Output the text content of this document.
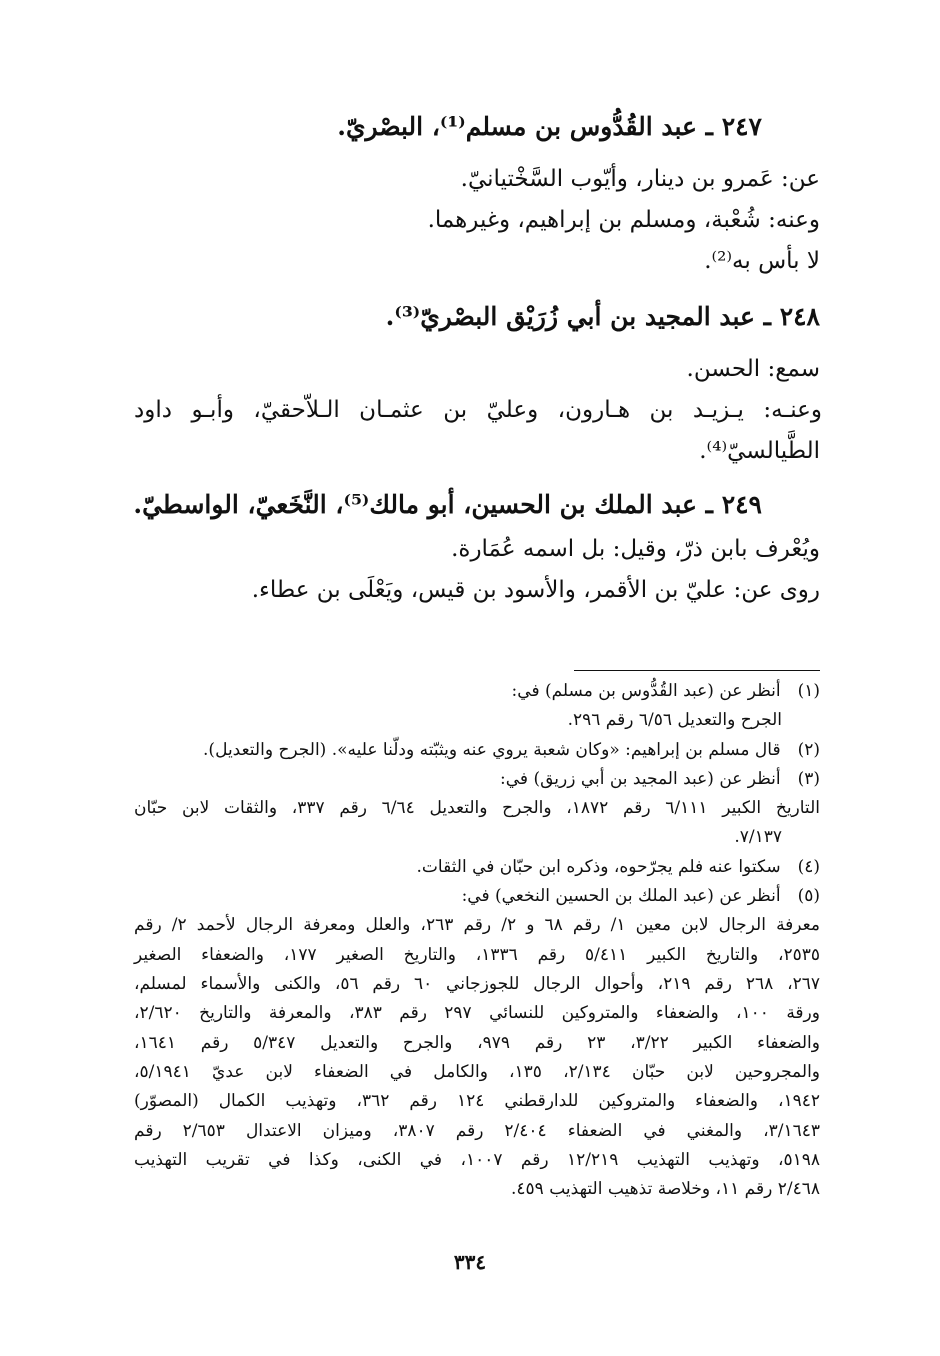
٢٤٧ ـ عبد القُدُّوس بن مسلم⁽¹⁾، البصْريّ.
عن: عَمرو بن دينار، وأيّوب السَّخْتيانيّ.
وعنه: شُعْبة، ومسلم بن إبراهيم، وغيرهما.
لا بأس به⁽²⁾.
٢٤٨ ـ عبد المجيد بن أبي زُرَيْق البصْريّ⁽³⁾.
سمع: الحسن.
وعنـه: يـزيـد بن هـارون، وعليّ بن عثمـان الـلاّحقيّ، وأبـو داود
الطَّيالسيّ⁽⁴⁾.
٢٤٩ ـ عبد الملك بن الحسين، أبو مالك⁽⁵⁾، النَّخَعيّ، الواسطيّ.
ويُعْرف بابن ذرّ، وقيل: بل اسمه عُمَارة.
روى عن: عليّ بن الأقمر، والأسود بن قيس، ويَعْلَى بن عطاء.
(١) أنظر عن (عبد القُدُّوس بن مسلم) في:
الجرح والتعديل ٦/٥٦ رقم ٢٩٦.
(٢) قال مسلم بن إبراهيم: «وكان شعبة يروي عنه ويثبّته ودلّنا عليه». (الجرح والتعديل).
(٣) أنظر عن (عبد المجيد بن أبي زريق) في:
التاريخ الكبير ٦/١١١ رقم ١٨٧٢، والجرح والتعديل ٦/٦٤ رقم ٣٣٧، والثقات لابن حبّان
٧/١٣٧.
(٤) سكتوا عنه فلم يجرّحوه، وذكره ابن حبّان في الثقات.
(٥) أنظر عن (عبد الملك بن الحسين النخعي) في:
معرفة الرجال لابن معين ١/ رقم ٦٨ و ٢/ رقم ٢٦٣، والعلل ومعرفة الرجال لأحمد ٢/ رقم
٢٥٣٥، والتاريخ الكبير ٥/٤١١ رقم ١٣٣٦، والتاريخ الصغير ١٧٧، والضعفاء الصغير
٢٦٧، ٢٦٨ رقم ٢١٩، وأحوال الرجال للجوزجاني ٦٠ رقم ٥٦، والكنى والأسماء لمسلم،
ورقة ١٠٠، والضعفاء والمتروكين للنسائي ٢٩٧ رقم ٣٨٣، والمعرفة والتاريخ ٢/٦٢٠،
والضعفاء الكبير ٣/٢٢، ٢٣ رقم ٩٧٩، والجرح والتعديل ٥/٣٤٧ رقم ١٦٤١،
والمجروحين لابن حبّان ٢/١٣٤، ١٣٥، والكامل في الضعفاء لابن عديّ ٥/١٩٤١،
١٩٤٢، والضعفاء والمتروكين للدارقطني ١٢٤ رقم ٣٦٢، وتهذيب الكمال (المصوّر)
٣/١٦٤٣، والمغني في الضعفاء ٢/٤٠٤ رقم ٣٨٠٧، وميزان الاعتدال ٢/٦٥٣ رقم
٥١٩٨، وتهذيب التهذيب ١٢/٢١٩ رقم ١٠٠٧، في الكنى، وكذا في تقريب التهذيب
٢/٤٦٨ رقم ١١، وخلاصة تذهيب التهذيب ٤٥٩.
٣٣٤
